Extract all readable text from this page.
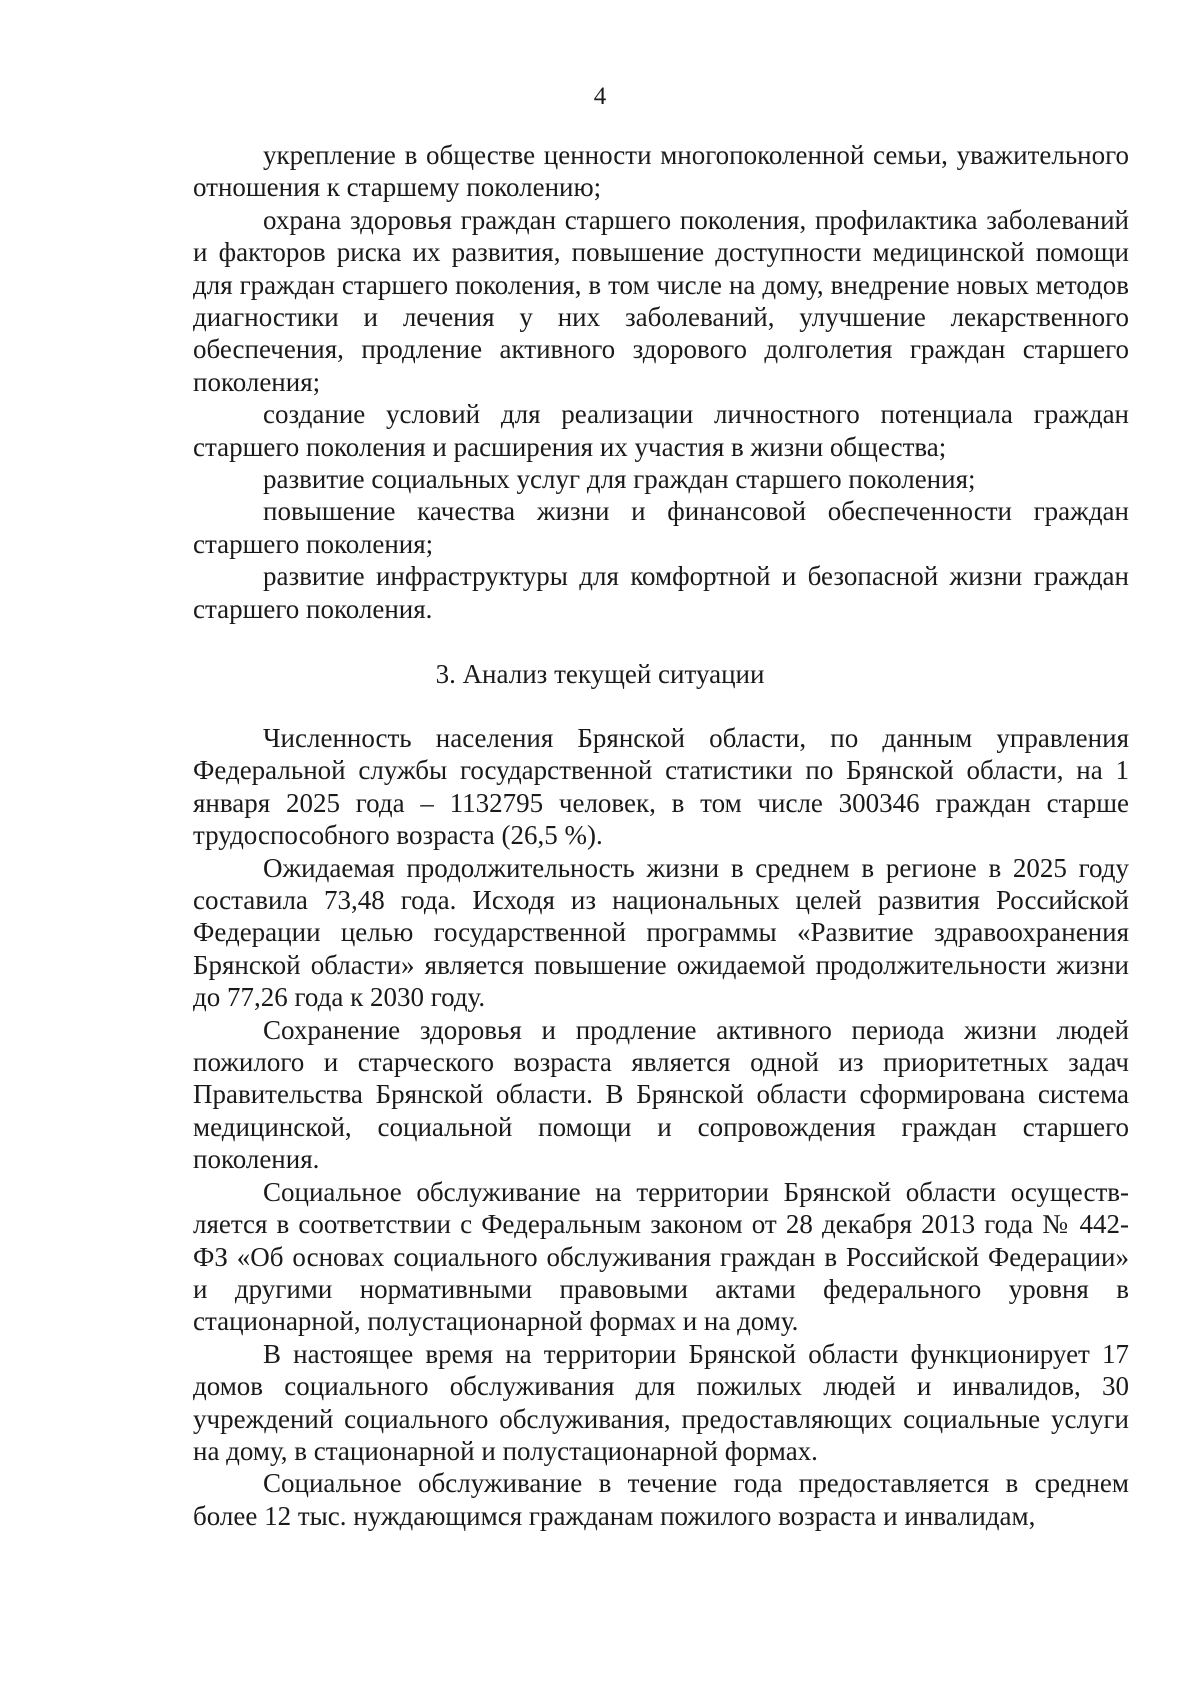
4

укрепление в обществе ценности многопоколенной семьи, уважительного отношения к старшему поколению;

охрана здоровья граждан старшего поколения, профилактика заболеваний и факторов риска их развития, повышение доступности медицинской помощи для граждан старшего поколения, в том числе на дому, внедрение новых методов диагностики и лечения у них заболеваний, улучшение лекарственного обеспечения, продление активного здорового долголетия граждан старшего поколения;

создание условий для реализации личностного потенциала граждан старшего поколения и расширения их участия в жизни общества;

развитие социальных услуг для граждан старшего поколения;

повышение качества жизни и финансовой обеспеченности граждан старшего поколения;

развитие инфраструктуры для комфортной и безопасной жизни граждан старшего поколения.

3. Анализ текущей ситуации

Численность населения Брянской области, по данным управления Федеральной службы государственной статистики по Брянской области, на 1 января 2025 года – 1132795 человек, в том числе 300346 граждан старше трудоспособного возраста (26,5 %).

Ожидаемая продолжительность жизни в среднем в регионе в 2025 году составила 73,48 года. Исходя из национальных целей развития Российской Федерации целью государственной программы «Развитие здравоохранения Брянской области» является повышение ожидаемой продолжительности жизни до 77,26 года к 2030 году.

Сохранение здоровья и продление активного периода жизни людей пожилого и старческого возраста является одной из приоритетных задач Правительства Брянской области. В Брянской области сформирована система медицинской, социальной помощи и сопровождения граждан старшего поколения.

Социальное обслуживание на территории Брянской области осуществляется в соответствии с Федеральным законом от 28 декабря 2013 года № 442-ФЗ «Об основах социального обслуживания граждан в Российской Федерации» и другими нормативными правовыми актами федерального уровня в стационарной, полустационарной формах и на дому.

В настоящее время на территории Брянской области функционирует 17 домов социального обслуживания для пожилых людей и инвалидов, 30 учреждений социального обслуживания, предоставляющих социальные услуги на дому, в стационарной и полустационарной формах.

Социальное обслуживание в течение года предоставляется в среднем более 12 тыс. нуждающимся гражданам пожилого возраста и инвалидам,
